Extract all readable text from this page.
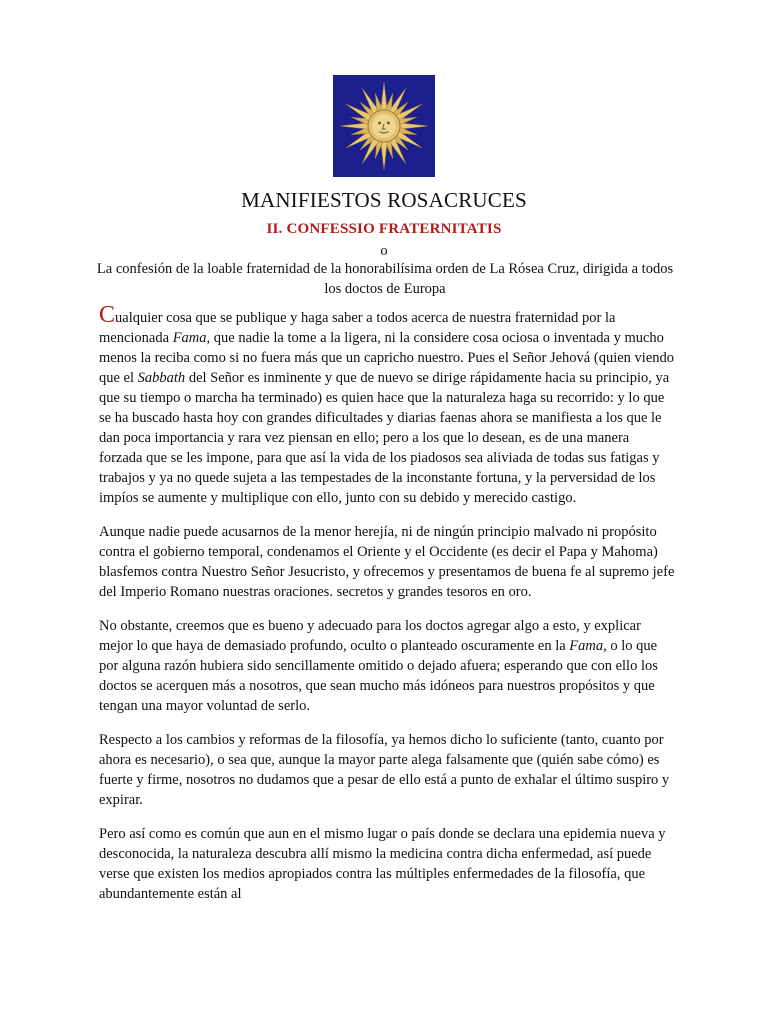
MANIFIESTOS ROSACRUCES
II. CONFESSIO FRATERNITATIS
o
La confesión de la loable fraternidad de la honorabilísima orden de La Rósea Cruz, dirigida a todos los doctos de Europa

Cualquier cosa que se publique y haga saber a todos acerca de nuestra fraternidad por la mencionada Fama, que nadie la tome a la ligera, ni la considere cosa ociosa o inventada y mucho menos la reciba como si no fuera más que un capricho nuestro. Pues el Señor Jehová (quien viendo que el Sabbath del Señor es inminente y que de nuevo se dirige rápidamente hacia su principio, ya que su tiempo o marcha ha terminado) es quien hace que la naturaleza haga su recorrido: y lo que se ha buscado hasta hoy con grandes dificultades y diarias faenas ahora se manifiesta a los que le dan poca importancia y rara vez piensan en ello; pero a los que lo desean, es de una manera forzada que se les impone, para que así la vida de los piadosos sea aliviada de todas sus fatigas y trabajos y ya no quede sujeta a las tempestades de la inconstante fortuna, y la perversidad de los impíos se aumente y multiplique con ello, junto con su debido y merecido castigo.

Aunque nadie puede acusarnos de la menor herejía, ni de ningún principio malvado ni propósito contra el gobierno temporal, condenamos el Oriente y el Occidente (es decir el Papa y Mahoma) blasfemos contra Nuestro Señor Jesucristo, y ofrecemos y presentamos de buena fe al supremo jefe del Imperio Romano nuestras oraciones. secretos y grandes tesoros en oro.

No obstante, creemos que es bueno y adecuado para los doctos agregar algo a esto, y explicar mejor lo que haya de demasiado profundo, oculto o planteado oscuramente en la Fama, o lo que por alguna razón hubiera sido sencillamente omitido o dejado afuera; esperando que con ello los doctos se acerquen más a nosotros, que sean mucho más idóneos para nuestros propósitos y que tengan una mayor voluntad de serlo.

Respecto a los cambios y reformas de la filosofía, ya hemos dicho lo suficiente (tanto, cuanto por ahora es necesario), o sea que, aunque la mayor parte alega falsamente que (quién sabe cómo) es fuerte y firme, nosotros no dudamos que a pesar de ello está a punto de exhalar el último suspiro y expirar.

Pero así como es común que aun en el mismo lugar o país donde se declara una epidemia nueva y desconocida, la naturaleza descubra allí mismo la medicina contra dicha enfermedad, así puede verse que existen los medios apropiados contra las múltiples enfermedades de la filosofía, que abundantemente están al
